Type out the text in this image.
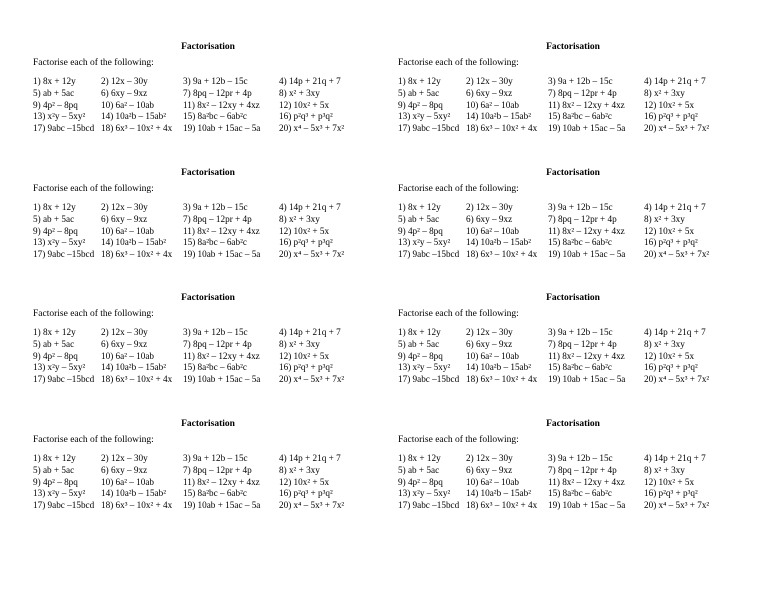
Factorisation
Factorise each of the following:
1) 8x + 12y	2) 12x – 30y	3) 9a + 12b – 15c	4) 14p + 21q + 7
5) ab + 5ac	6) 6xy – 9xz	7) 8pq – 12pr + 4p	8) x² + 3xy
9) 4p² – 8pq	10) 6a² – 10ab	11) 8x² – 12xy + 4xz	12) 10x² + 5x
13) x²y – 5xy²	14) 10a²b – 15ab²	15) 8a²bc – 6ab²c	16) p²q³ + p³q²
17) 9abc –15bcd 18) 6x³ – 10x² + 4x	19) 10ab + 15ac – 5a	20) x⁴ – 5x³ + 7x²
Factorisation
Factorise each of the following:
1) 8x + 12y	2) 12x – 30y	3) 9a + 12b – 15c	4) 14p + 21q + 7
5) ab + 5ac	6) 6xy – 9xz	7) 8pq – 12pr + 4p	8) x² + 3xy
9) 4p² – 8pq	10) 6a² – 10ab	11) 8x² – 12xy + 4xz	12) 10x² + 5x
13) x²y – 5xy²	14) 10a²b – 15ab²	15) 8a²bc – 6ab²c	16) p²q³ + p³q²
17) 9abc –15bcd 18) 6x³ – 10x² + 4x	19) 10ab + 15ac – 5a	20) x⁴ – 5x³ + 7x²
Factorisation
Factorise each of the following:
1) 8x + 12y	2) 12x – 30y	3) 9a + 12b – 15c	4) 14p + 21q + 7
5) ab + 5ac	6) 6xy – 9xz	7) 8pq – 12pr + 4p	8) x² + 3xy
9) 4p² – 8pq	10) 6a² – 10ab	11) 8x² – 12xy + 4xz	12) 10x² + 5x
13) x²y – 5xy²	14) 10a²b – 15ab²	15) 8a²bc – 6ab²c	16) p²q³ + p³q²
17) 9abc –15bcd 18) 6x³ – 10x² + 4x	19) 10ab + 15ac – 5a	20) x⁴ – 5x³ + 7x²
Factorisation
Factorise each of the following:
1) 8x + 12y	2) 12x – 30y	3) 9a + 12b – 15c	4) 14p + 21q + 7
5) ab + 5ac	6) 6xy – 9xz	7) 8pq – 12pr + 4p	8) x² + 3xy
9) 4p² – 8pq	10) 6a² – 10ab	11) 8x² – 12xy + 4xz	12) 10x² + 5x
13) x²y – 5xy²	14) 10a²b – 15ab²	15) 8a²bc – 6ab²c	16) p²q³ + p³q²
17) 9abc –15bcd 18) 6x³ – 10x² + 4x	19) 10ab + 15ac – 5a	20) x⁴ – 5x³ + 7x²
Factorisation
Factorise each of the following:
1) 8x + 12y	2) 12x – 30y	3) 9a + 12b – 15c	4) 14p + 21q + 7
5) ab + 5ac	6) 6xy – 9xz	7) 8pq – 12pr + 4p	8) x² + 3xy
9) 4p² – 8pq	10) 6a² – 10ab	11) 8x² – 12xy + 4xz	12) 10x² + 5x
13) x²y – 5xy²	14) 10a²b – 15ab²	15) 8a²bc – 6ab²c	16) p²q³ + p³q²
17) 9abc –15bcd 18) 6x³ – 10x² + 4x	19) 10ab + 15ac – 5a	20) x⁴ – 5x³ + 7x²
Factorisation
Factorise each of the following:
1) 8x + 12y	2) 12x – 30y	3) 9a + 12b – 15c	4) 14p + 21q + 7
5) ab + 5ac	6) 6xy – 9xz	7) 8pq – 12pr + 4p	8) x² + 3xy
9) 4p² – 8pq	10) 6a² – 10ab	11) 8x² – 12xy + 4xz	12) 10x² + 5x
13) x²y – 5xy²	14) 10a²b – 15ab²	15) 8a²bc – 6ab²c	16) p²q³ + p³q²
17) 9abc –15bcd 18) 6x³ – 10x² + 4x	19) 10ab + 15ac – 5a	20) x⁴ – 5x³ + 7x²
Factorisation
Factorise each of the following:
1) 8x + 12y	2) 12x – 30y	3) 9a + 12b – 15c	4) 14p + 21q + 7
5) ab + 5ac	6) 6xy – 9xz	7) 8pq – 12pr + 4p	8) x² + 3xy
9) 4p² – 8pq	10) 6a² – 10ab	11) 8x² – 12xy + 4xz	12) 10x² + 5x
13) x²y – 5xy²	14) 10a²b – 15ab²	15) 8a²bc – 6ab²c	16) p²q³ + p³q²
17) 9abc –15bcd 18) 6x³ – 10x² + 4x	19) 10ab + 15ac – 5a	20) x⁴ – 5x³ + 7x²
Factorisation
Factorise each of the following:
1) 8x + 12y	2) 12x – 30y	3) 9a + 12b – 15c	4) 14p + 21q + 7
5) ab + 5ac	6) 6xy – 9xz	7) 8pq – 12pr + 4p	8) x² + 3xy
9) 4p² – 8pq	10) 6a² – 10ab	11) 8x² – 12xy + 4xz	12) 10x² + 5x
13) x²y – 5xy²	14) 10a²b – 15ab²	15) 8a²bc – 6ab²c	16) p²q³ + p³q²
17) 9abc –15bcd 18) 6x³ – 10x² + 4x	19) 10ab + 15ac – 5a	20) x⁴ – 5x³ + 7x²
